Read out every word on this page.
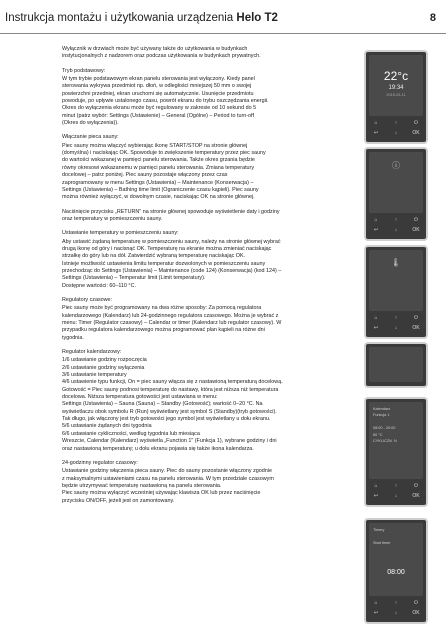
Instrukcja montażu i użytkowania urządzenia Helo T2	8

Wyłącznik w drzwiach może być używany także do użytkowania w budynkach
instytucjonalnych z nadzorem oraz podczas użytkowania w budynkach prywatnych.

Tryb podstawowy:

W tym trybie podstawowym ekran panelu sterowania jest wyłączony. Kiedy panel
sterowania wykrywa przedmiot np. dłoń, w odległości mniejszej 50 mm o swojej
powierzchni przedniej, ekran uruchomi się automatycznie. Usunięcie przedmiotu
powoduje, po upływie ustalonego czasu, powrót ekranu do trybu oszczędzania energii.
Okres do wyłączenia ekranu może być regulowany w zakresie od 10 sekund do 5
minut (patrz wybór: Settings (Ustawienie) – General (Ogólne) – Period to turn-off
(Okres do wyłączenia)).

Włączanie pieca sauny:

Piec sauny można włączyć wybierając ikonę START/STOP na stronie głównej
(domyślna) i naciskając OK. Spowoduje to zwiększenie temperatury przez piec sauny
do wartości wskazanej w pamięci panelu sterowania. Także okres grzania będzie
równy okresowi wskazanemu w pamięci panelu sterowania. Zmiana temperatury
docelowej – patrz poniżej. Piec sauny pozostaje włączony przez czas
zaprogramowany w menu Settings (Ustawienia) – Maintenance (Konserwacja) –
Settings (Ustawienia) – Bathing time limit (Ograniczenie czasu kąpieli). Piec sauny
można również wyłączyć, w dowolnym czasie, naciskając OK na stronie głównej.

Naciśnięcie przycisku „RETURN" na stronie głównej spowoduje wyświetlenie daty i godziny
oraz temperatury w pomieszczeniu sauny.

Ustawianie temperatury w pomieszczeniu sauny:

Aby ustawić żądaną temperaturę w pomieszczeniu sauny, należy na stronie głównej wybrać
drugą ikonę od góry i nacisnąć OK. Temperaturę na ekranie można zmieniać naciskając
strzałkę do góry lub na dół. Zatwierdzić wybraną temperaturę naciskając OK.
Istnieje możliwość ustawienia limitu temperatur dozwolonych w pomieszczeniu sauny
przechodząc do Settings (Ustawienia) – Maintenance (code 124) (Konserwacja) (kod 124) –
Settings (Ustawienia) – Temperatur limit (Limit temperatury).
Dostępne wartości: 60–110 °C.

Regulatory czasowe:

Piec sauny może być programowany na dwa różne sposoby: Za pomocą regulatora
kalendarzowego (Kalendarz) lub 24-godzinnego regulatora czasowego. Można je wybrać z
menu: Timer (Regulator czasowy) – Calendar or timer (Kalendarz lub regulator czasowy). W
przypadku regulatora kalendarzowego można programować plan kąpieli na różne dni
tygodnia.

Regulator kalendarzowy:

1/6 ustawianie godziny rozpoczęcia
2/6 ustawianie godziny wyłączenia
3/6 ustawianie temperatury
4/6 ustawienie typu funkcji, On = piec sauny włącza się z nastawioną temperaturą docelową.
Gotowość = Piec sauny podnosi temperaturę do nastawy, która jest niższa niż temperatura
docelowa. Niższa temperatura gotowości jest ustawiana w menu:
Settings (Ustawienia) – Sauna (Sauna) – Standby (Gotowość); wartość 0–20 °C. Na
wyświetlaczu obok symbolu R (Run) wyświetlany jest symbol S (Standby)(tryb gotowości).
Tak długo, jak włączony jest tryb gotowości jego symbol jest wyświetlany u dołu ekranu.
5/6 ustawianie żądanych dni tygodnia
6/6 ustawianie cykliczności, według tygodnia lub miesiąca
Wreszcie, Calendar (Kalendarz) wyświetla „Function 1" (Funkcja 1), wybrane godziny i dni
oraz nastawioną temperaturę; u dołu ekranu pojawia się także ikona kalendarza.

24-godzinny regulator czasowy:

Ustawianie godziny włączenia pieca sauny. Piec do sauny pozostanie włączony zgodnie
z maksymalnymi ustawieniami czasu na panelu sterowania. W tym przedziale czasowym
będzie utrzymywać temperaturę nastawioną na panelu sterowania.
Piec sauny można wyłączyć wcześniej używając klawisza OK lub przez naciśnięcie
przycisku ON/OFF, jeżeli jest on zamontowany.

22°c
19:34
2015-03-11
⌂	↑	⏻
↩	↓	OK
ⓘ
⌂	↑	⏻
↩	↓	OK
🌡
⌂	↑	⏻
↩	↓	OK
Kalendarz
Funkcja 1

08:00 - 20:00
60 °C
CYKLICZN. N
⌂	↑	⏻
↩	↓	OK
Timery

Start timer
08:00
⌂	↑	⏻
↩	↓	OK
